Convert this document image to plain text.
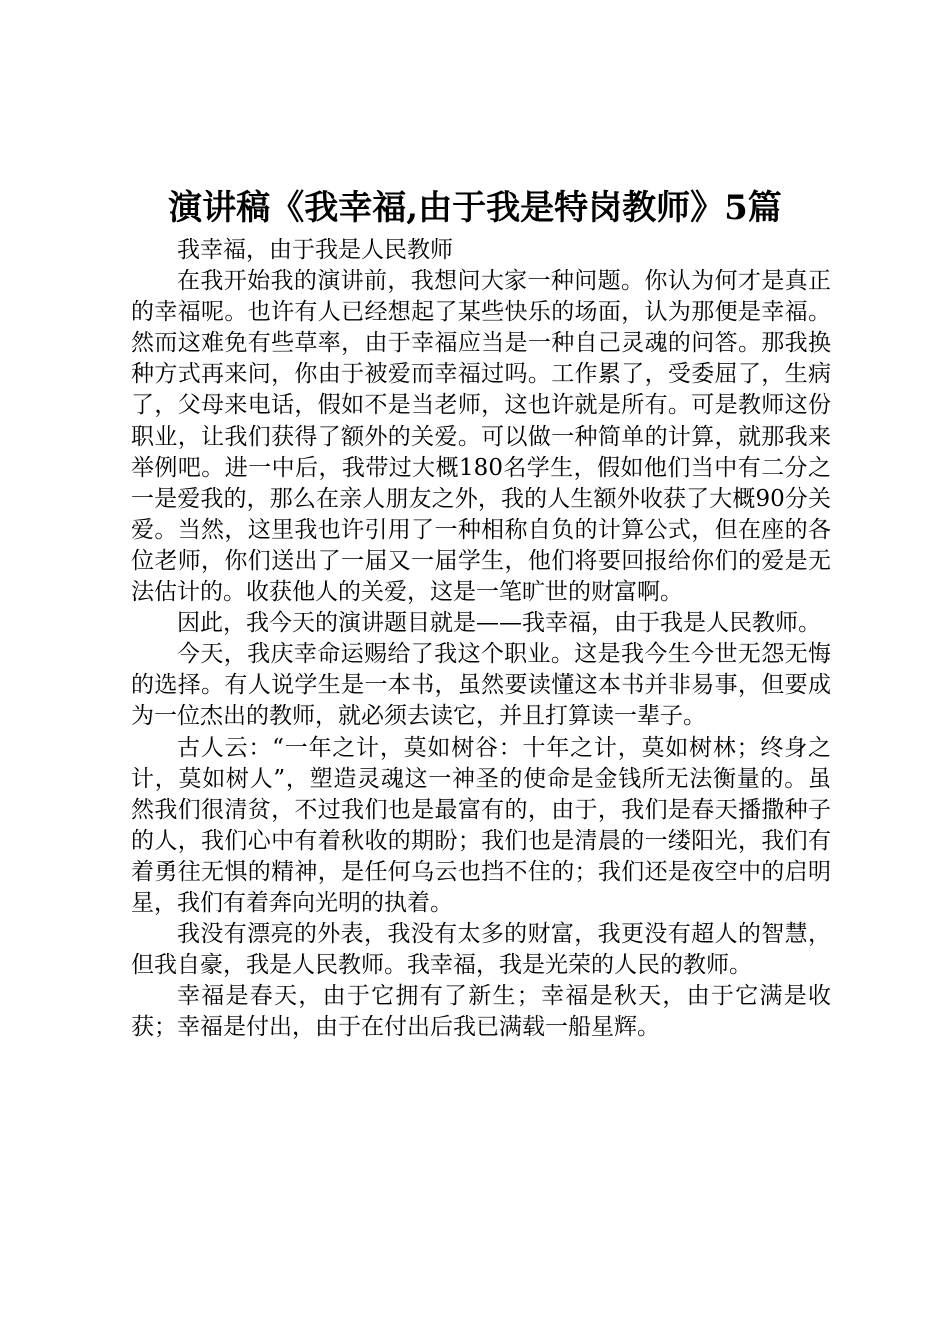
演讲稿《我幸福,由于我是特岗教师》5篇

我幸福，由于我是人民教师

在我开始我的演讲前，我想问大家一种问题。你认为何才是真正的幸福呢。也许有人已经想起了某些快乐的场面，认为那便是幸福。然而这难免有些草率，由于幸福应当是一种自己灵魂的问答。那我换种方式再来问，你由于被爱而幸福过吗。工作累了，受委屈了，生病了，父母来电话，假如不是当老师，这也许就是所有。可是教师这份职业，让我们获得了额外的关爱。可以做一种简单的计算，就那我来举例吧。进一中后，我带过大概180名学生，假如他们当中有二分之一是爱我的，那么在亲人朋友之外，我的人生额外收获了大概90分关爱。当然，这里我也许引用了一种相称自负的计算公式，但在座的各位老师，你们送出了一届又一届学生，他们将要回报给你们的爱是无法估计的。收获他人的关爱，这是一笔旷世的财富啊。

因此，我今天的演讲题目就是——我幸福，由于我是人民教师。

今天，我庆幸命运赐给了我这个职业。这是我今生今世无怨无悔的选择。有人说学生是一本书，虽然要读懂这本书并非易事，但要成为一位杰出的教师，就必须去读它，并且打算读一辈子。

古人云：“一年之计，莫如树谷：十年之计，莫如树林；终身之计，莫如树人”，塑造灵魂这一神圣的使命是金钱所无法衡量的。虽然我们很清贫，不过我们也是最富有的，由于，我们是春天播撒种子的人，我们心中有着秋收的期盼；我们也是清晨的一缕阳光，我们有着勇往无惧的精神，是任何乌云也挡不住的；我们还是夜空中的启明星，我们有着奔向光明的执着。

我没有漂亮的外表，我没有太多的财富，我更没有超人的智慧，但我自豪，我是人民教师。我幸福，我是光荣的人民的教师。

幸福是春天，由于它拥有了新生；幸福是秋天，由于它满是收获；幸福是付出，由于在付出后我已满载一船星辉。
